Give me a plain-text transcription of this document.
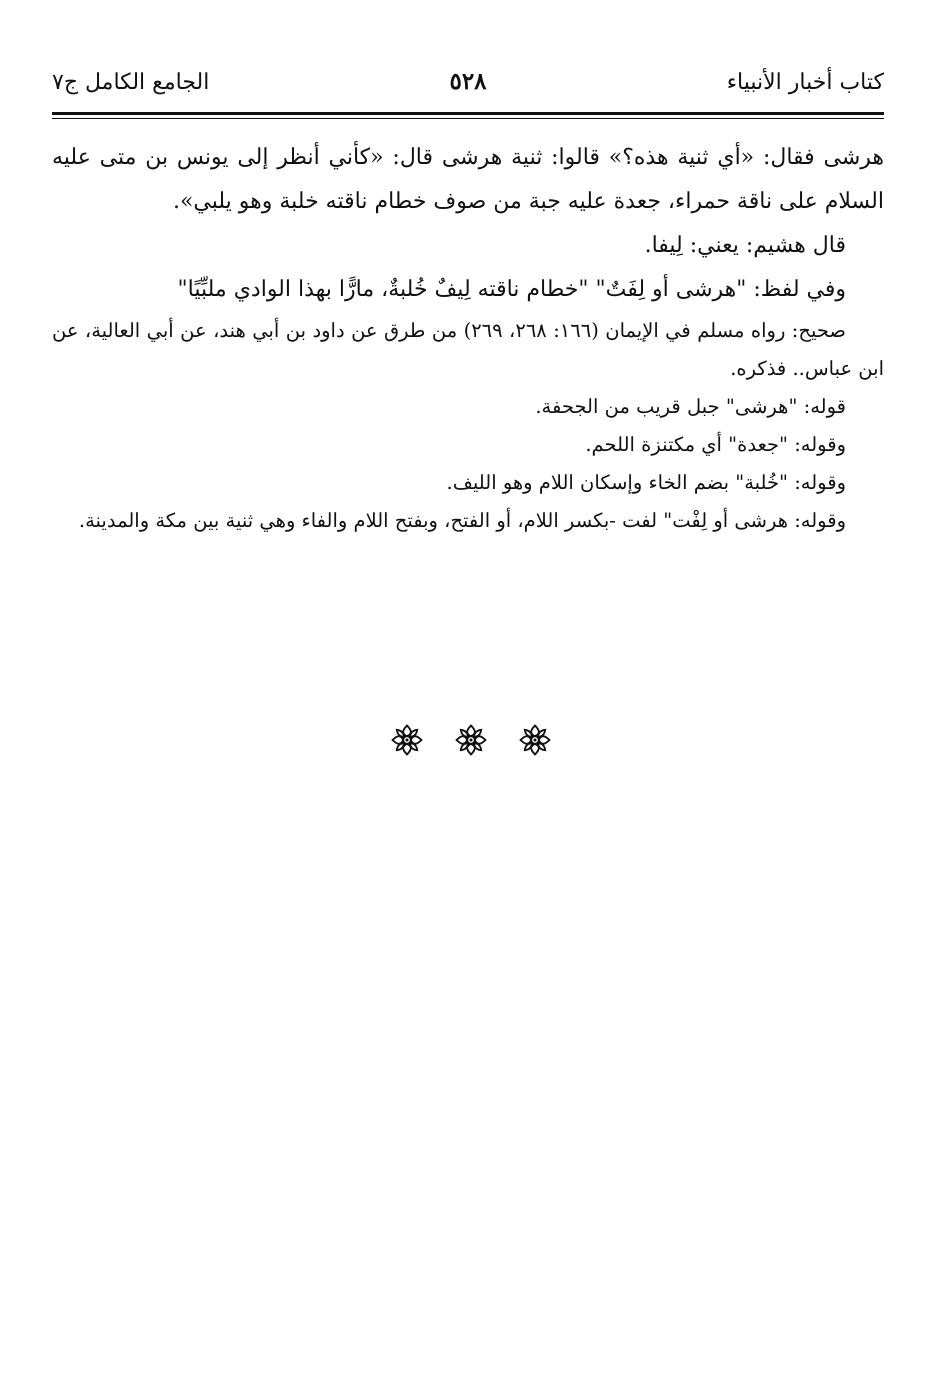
كتاب أخبار الأنبياء
٥٢٨
الجامع الكامل ج٧

هرشى فقال: «أي ثنية هذه؟» قالوا: ثنية هرشى قال: «كأني أنظر إلى يونس بن متى عليه السلام على ناقة حمراء، جعدة عليه جبة من صوف خطام ناقته خلبة وهو يلبي».

قال هشيم: يعني: لِيفا.

وفي لفظ: "هرشى أو لِفَتٌ" "خطام ناقته لِيفٌ خُلبةٌ، مارًّا بهذا الوادي ملبِّيًا"

صحيح: رواه مسلم في الإيمان (١٦٦: ٢٦٨، ٢٦٩) من طرق عن داود بن أبي هند، عن أبي العالية، عن ابن عباس.. فذكره.

قوله: "هرشى" جبل قريب من الجحفة.

وقوله: "جعدة" أي مكتنزة اللحم.

وقوله: "خُلبة" بضم الخاء وإسكان اللام وهو الليف.

وقوله: هرشى أو لِفْت" لفت -بكسر اللام، أو الفتح، وبفتح اللام والفاء وهي ثنية بين مكة والمدينة.
